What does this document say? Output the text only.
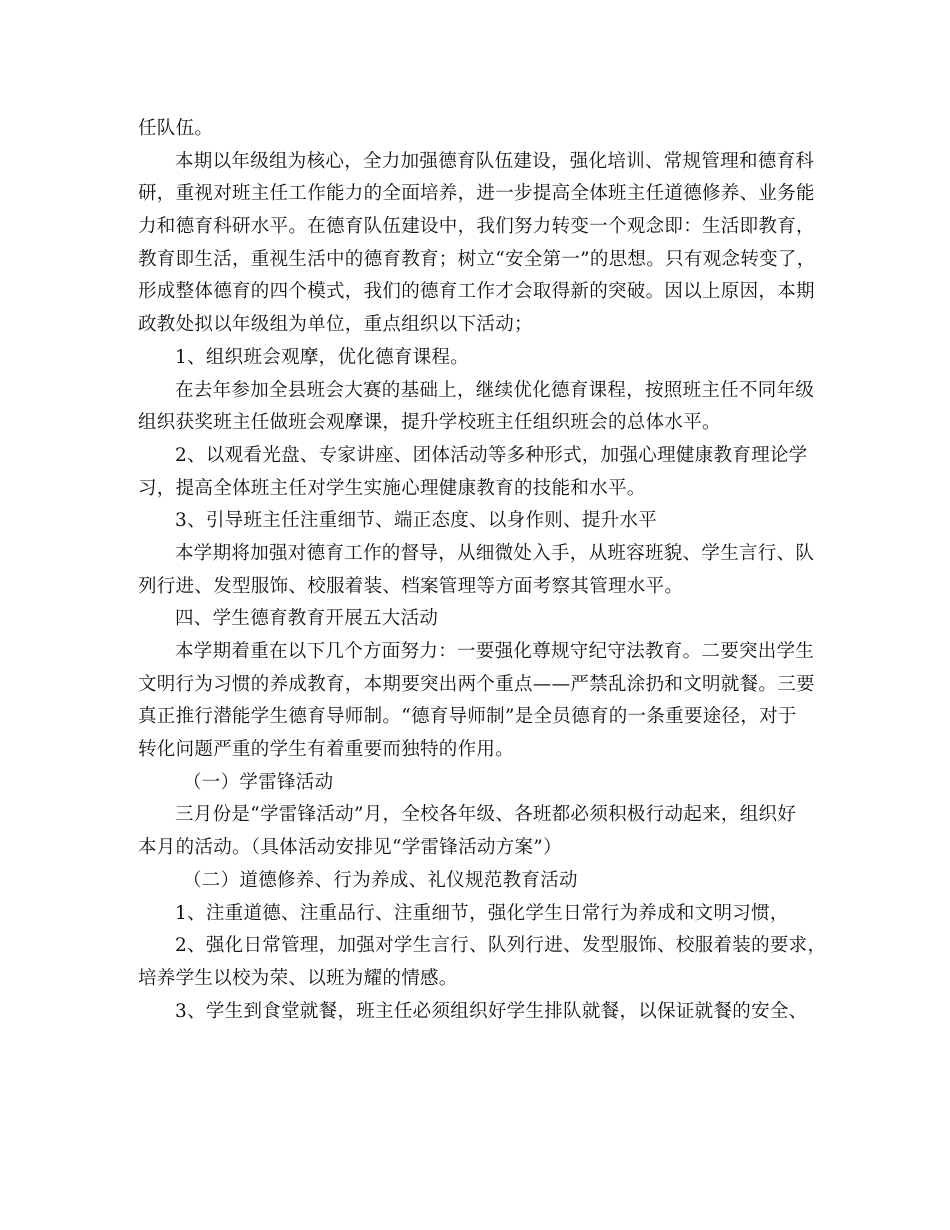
任队伍。
本期以年级组为核心，全力加强德育队伍建设，强化培训、常规管理和德育科
研，重视对班主任工作能力的全面培养，进一步提高全体班主任道德修养、业务能
力和德育科研水平。在德育队伍建设中，我们努力转变一个观念即：生活即教育，
教育即生活，重视生活中的德育教育；树立“安全第一”的思想。只有观念转变了，
形成整体德育的四个模式，我们的德育工作才会取得新的突破。因以上原因，本期
政教处拟以年级组为单位，重点组织以下活动；
1、组织班会观摩，优化德育课程。
在去年参加全县班会大赛的基础上，继续优化德育课程，按照班主任不同年级
组织获奖班主任做班会观摩课，提升学校班主任组织班会的总体水平。
2、以观看光盘、专家讲座、团体活动等多种形式，加强心理健康教育理论学
习，提高全体班主任对学生实施心理健康教育的技能和水平。
3、引导班主任注重细节、端正态度、以身作则、提升水平
本学期将加强对德育工作的督导，从细微处入手，从班容班貌、学生言行、队
列行进、发型服饰、校服着装、档案管理等方面考察其管理水平。
四、学生德育教育开展五大活动
本学期着重在以下几个方面努力：一要强化尊规守纪守法教育。二要突出学生
文明行为习惯的养成教育，本期要突出两个重点——严禁乱涂扔和文明就餐。三要
真正推行潜能学生德育导师制。“德育导师制”是全员德育的一条重要途径，对于
转化问题严重的学生有着重要而独特的作用。
（一）学雷锋活动
三月份是“学雷锋活动”月，全校各年级、各班都必须积极行动起来，组织好
本月的活动。（具体活动安排见“学雷锋活动方案”）
（二）道德修养、行为养成、礼仪规范教育活动
1、注重道德、注重品行、注重细节，强化学生日常行为养成和文明习惯，
2、强化日常管理，加强对学生言行、队列行进、发型服饰、校服着装的要求，
培养学生以校为荣、以班为耀的情感。
3、学生到食堂就餐，班主任必须组织好学生排队就餐，以保证就餐的安全、
